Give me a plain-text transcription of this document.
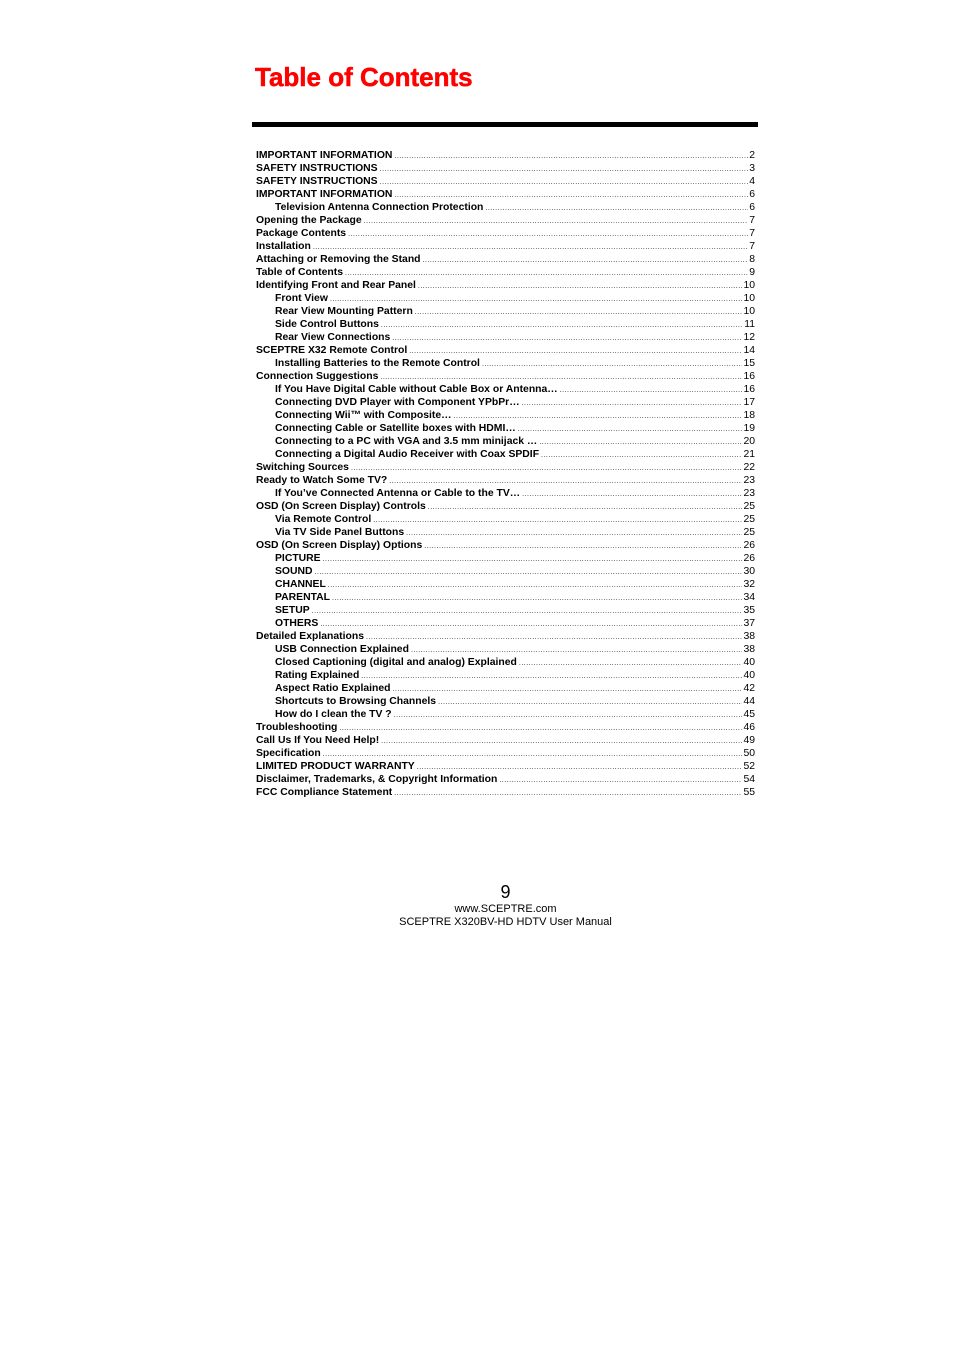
Table of Contents
IMPORTANT INFORMATION .....	2
SAFETY INSTRUCTIONS .....	3
SAFETY INSTRUCTIONS .....	4
IMPORTANT INFORMATION .....	6
Television Antenna Connection Protection .....	6
Opening the Package .....	7
Package Contents .....	7
Installation .....	7
Attaching or Removing the Stand .....	8
Table of Contents .....	9
Identifying Front and Rear Panel .....	10
Front View .....	10
Rear View Mounting Pattern .....	10
Side Control Buttons .....	11
Rear View Connections .....	12
SCEPTRE X32 Remote Control .....	14
Installing Batteries to the Remote Control .....	15
Connection Suggestions .....	16
If You Have Digital Cable without Cable Box or Antenna… .....	16
Connecting DVD Player with Component YPbPr… .....	17
Connecting Wii™ with Composite… .....	18
Connecting Cable or Satellite boxes with HDMI… .....	19
Connecting to a PC with VGA and 3.5 mm minijack … .....	20
Connecting a Digital Audio Receiver with Coax SPDIF .....	21
Switching Sources .....	22
Ready to Watch Some TV? .....	23
If You’ve Connected Antenna or Cable to the TV… .....	23
OSD (On Screen Display) Controls .....	25
Via Remote Control .....	25
Via TV Side Panel Buttons .....	25
OSD (On Screen Display) Options .....	26
PICTURE .....	26
SOUND .....	30
CHANNEL .....	32
PARENTAL .....	34
SETUP .....	35
OTHERS .....	37
Detailed Explanations .....	38
USB Connection Explained .....	38
Closed Captioning (digital and analog) Explained .....	40
Rating Explained .....	40
Aspect Ratio Explained .....	42
Shortcuts to Browsing Channels .....	44
How do I clean the TV ? .....	45
Troubleshooting .....	46
Call Us If You Need Help! .....	49
Specification .....	50
LIMITED PRODUCT WARRANTY .....	52
Disclaimer, Trademarks, & Copyright Information .....	54
FCC Compliance Statement .....	55
9
www.SCEPTRE.com
SCEPTRE X320BV-HD HDTV User Manual
